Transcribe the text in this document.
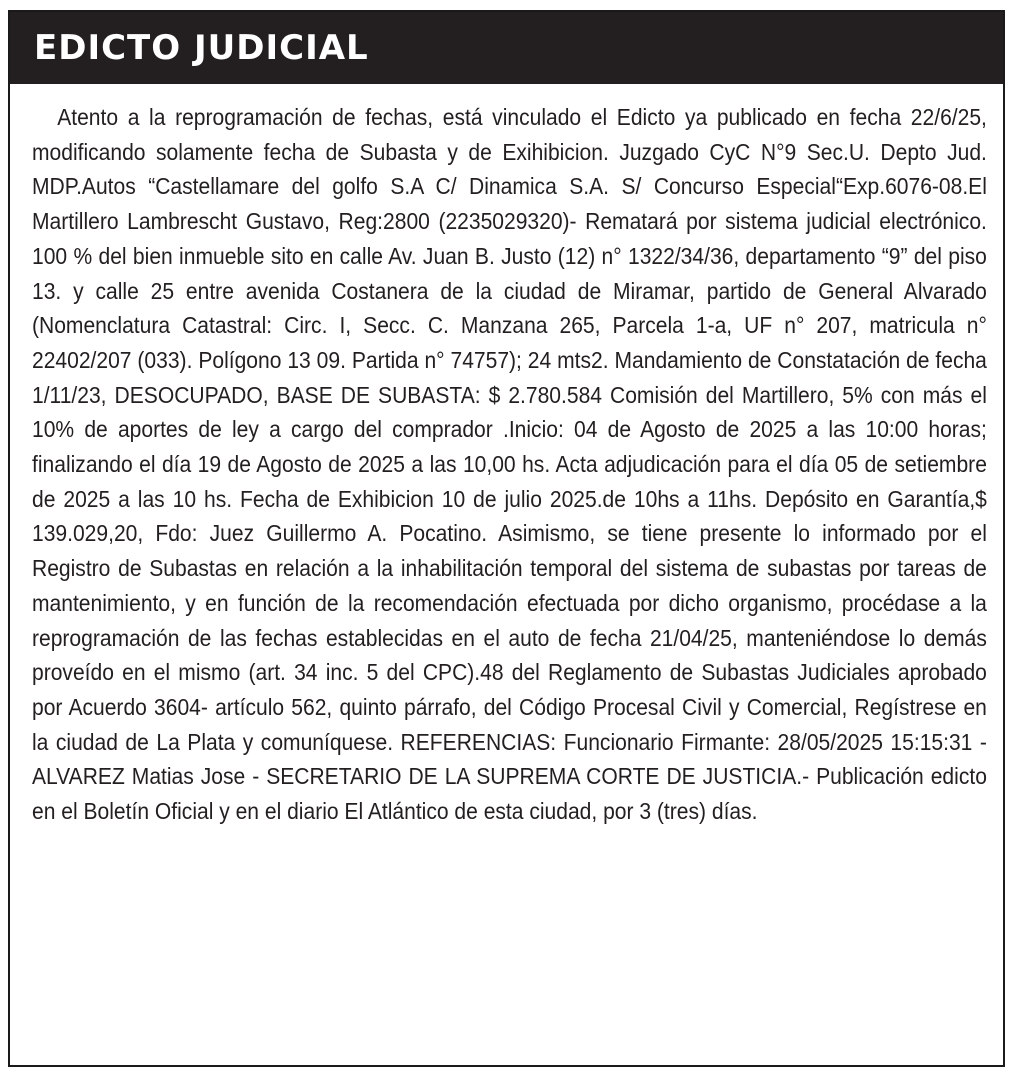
EDICTO JUDICIAL

Atento a la reprogramación de fechas, está vinculado el Edicto ya publicado en fecha 22/6/25, modificando solamente fecha de Subasta y de Exihibicion. Juzgado CyC N°9 Sec.U. Depto Jud. MDP.Autos “Castellamare del golfo S.A C/ Dinamica S.A. S/ Concurso Especial“Exp.6076-08.El Martillero Lambrescht Gustavo, Reg:2800 (2235029320)- Rematará por sistema judicial electrónico. 100 % del bien inmueble sito en calle Av. Juan B. Justo (12) n° 1322/34/36, departamento “9” del piso 13. y calle 25 entre avenida Costanera de la ciudad de Miramar, partido de General Alvarado (Nomenclatura Catastral: Circ. I, Secc. C. Manzana 265, Parcela 1-a, UF n° 207, matricula n° 22402/207 (033). Polígono 13 09. Partida n° 74757); 24 mts2. Mandamiento de Constatación de fecha 1/11/23, DESOCUPADO, BASE DE SUBASTA: $ 2.780.584 Comisión del Martillero, 5% con más el 10% de aportes de ley a cargo del comprador .Inicio: 04 de Agosto de 2025 a las 10:00 horas; finalizando el día 19 de Agosto de 2025 a las 10,00 hs. Acta adjudicación para el día 05 de setiembre de 2025 a las 10 hs. Fecha de Exhibicion 10 de julio 2025.de 10hs a 11hs. Depósito en Garantía,$ 139.029,20, Fdo: Juez Guillermo A. Pocatino. Asimismo, se tiene presente lo informado por el Registro de Subastas en relación a la inhabilitación temporal del sistema de subastas por tareas de mantenimiento, y en función de la recomendación efectuada por dicho organismo, procédase a la reprogramación de las fechas establecidas en el auto de fecha 21/04/25, manteniéndose lo demás proveído en el mismo (art. 34 inc. 5 del CPC).48 del Reglamento de Subastas Judiciales aprobado por Acuerdo 3604- artículo 562, quinto párrafo, del Código Procesal Civil y Comercial, Regístrese en la ciudad de La Plata y comuníquese. REFERENCIAS: Funcionario Firmante: 28/05/2025 15:15:31 - ALVAREZ Matias Jose - SECRETARIO DE LA SUPREMA CORTE DE JUSTICIA.- Publicación edicto en el Boletín Oficial y en el diario El Atlántico de esta ciudad, por 3 (tres) días.
